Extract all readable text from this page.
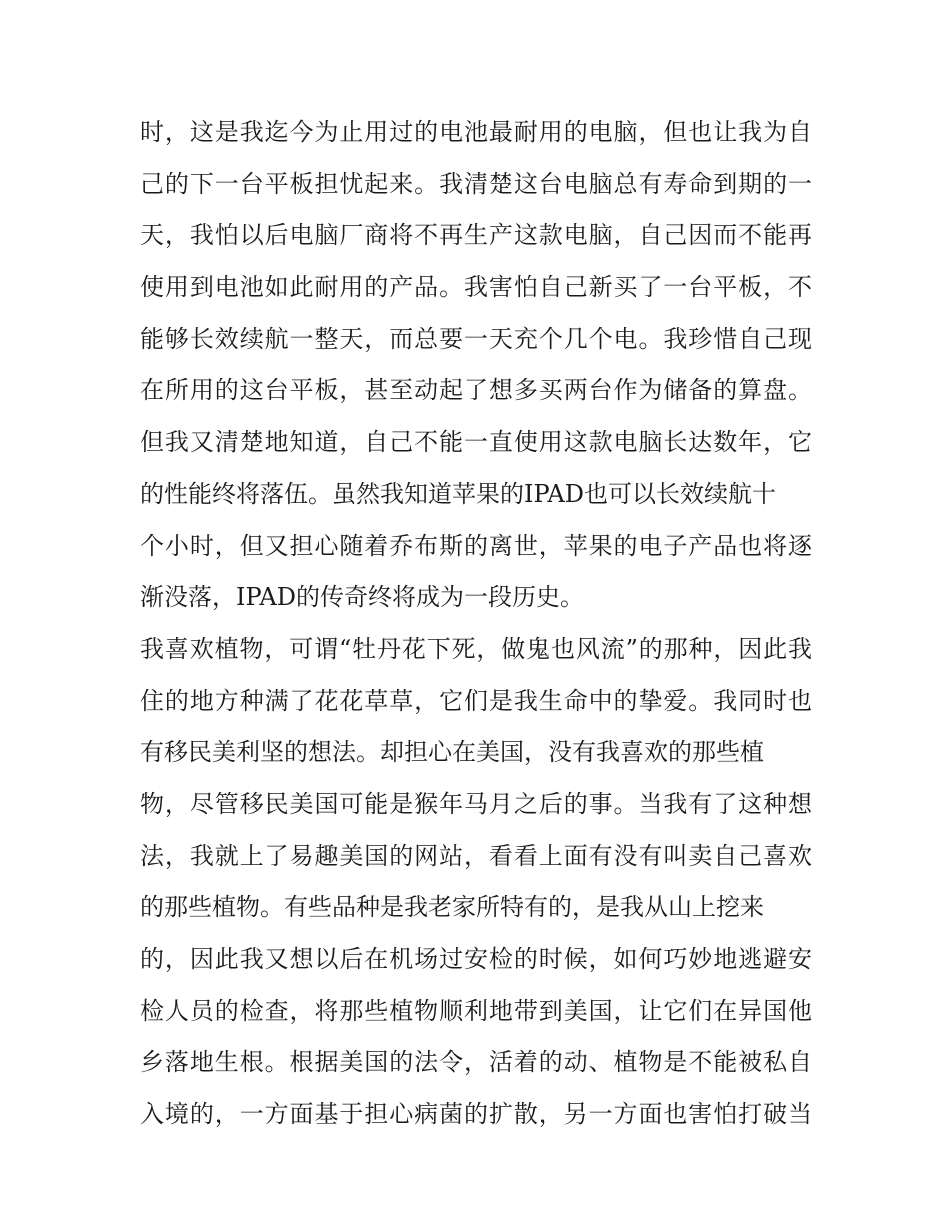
时，这是我迄今为止用过的电池最耐用的电脑，但也让我为自
己的下一台平板担忧起来。我清楚这台电脑总有寿命到期的一
天，我怕以后电脑厂商将不再生产这款电脑，自己因而不能再
使用到电池如此耐用的产品。我害怕自己新买了一台平板，不
能够长效续航一整天，而总要一天充个几个电。我珍惜自己现
在所用的这台平板，甚至动起了想多买两台作为储备的算盘。
但我又清楚地知道，自己不能一直使用这款电脑长达数年，它
的性能终将落伍。虽然我知道苹果的IPAD也可以长效续航十
个小时，但又担心随着乔布斯的离世，苹果的电子产品也将逐
渐没落，IPAD的传奇终将成为一段历史。
我喜欢植物，可谓“牡丹花下死，做鬼也风流”的那种，因此我
住的地方种满了花花草草，它们是我生命中的挚爱。我同时也
有移民美利坚的想法。却担心在美国，没有我喜欢的那些植
物，尽管移民美国可能是猴年马月之后的事。当我有了这种想
法，我就上了易趣美国的网站，看看上面有没有叫卖自己喜欢
的那些植物。有些品种是我老家所特有的，是我从山上挖来
的，因此我又想以后在机场过安检的时候，如何巧妙地逃避安
检人员的检查，将那些植物顺利地带到美国，让它们在异国他
乡落地生根。根据美国的法令，活着的动、植物是不能被私自
入境的，一方面基于担心病菌的扩散，另一方面也害怕打破当
